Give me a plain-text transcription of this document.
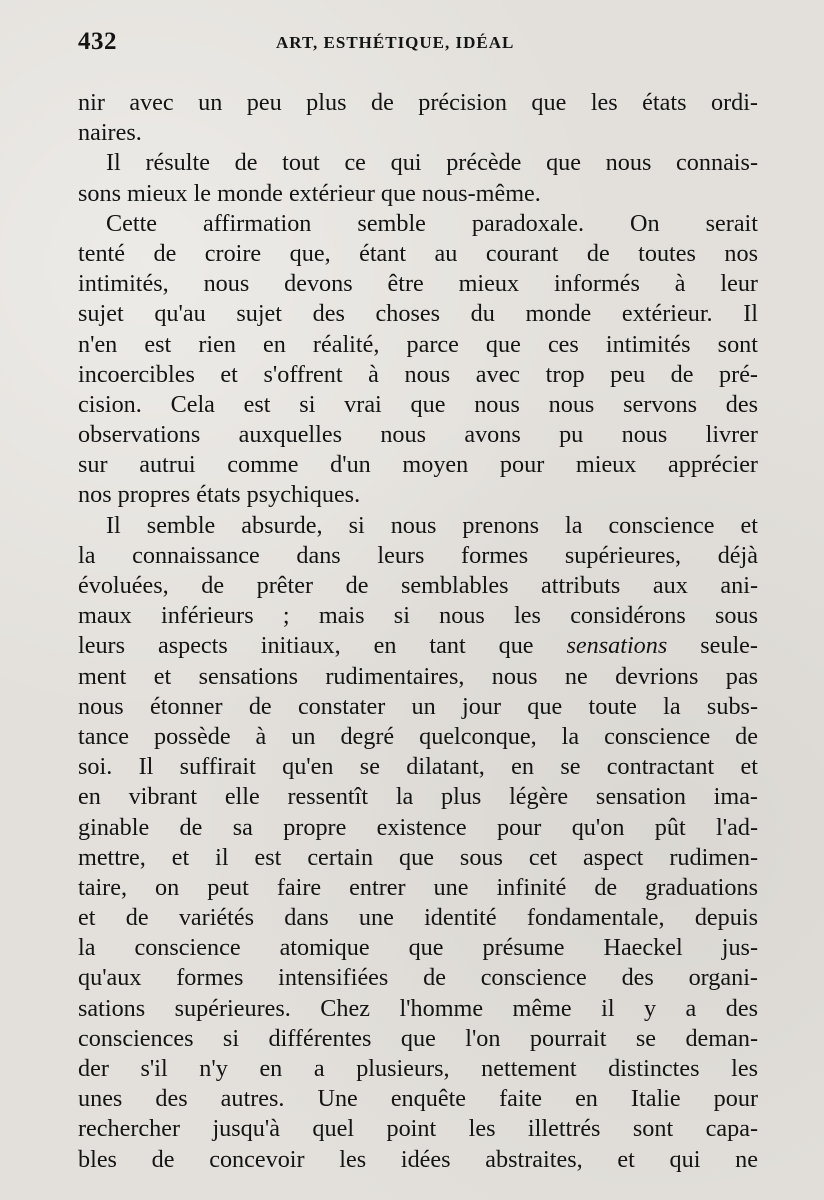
432	ART, ESTHÉTIQUE, IDÉAL
nir avec un peu plus de précision que les états ordi-
naires.
Il résulte de tout ce qui précède que nous connais-
sons mieux le monde extérieur que nous-même.
Cette affirmation semble paradoxale. On serait
tenté de croire que, étant au courant de toutes nos
intimités, nous devons être mieux informés à leur
sujet qu'au sujet des choses du monde extérieur. Il
n'en est rien en réalité, parce que ces intimités sont
incoercibles et s'offrent à nous avec trop peu de pré-
cision. Cela est si vrai que nous nous servons des
observations auxquelles nous avons pu nous livrer
sur autrui comme d'un moyen pour mieux apprécier
nos propres états psychiques.
Il semble absurde, si nous prenons la conscience et
la connaissance dans leurs formes supérieures, déjà
évoluées, de prêter de semblables attributs aux ani-
maux inférieurs ; mais si nous les considérons sous
leurs aspects initiaux, en tant que sensations seule-
ment et sensations rudimentaires, nous ne devrions pas
nous étonner de constater un jour que toute la subs-
tance possède à un degré quelconque, la conscience de
soi. Il suffirait qu'en se dilatant, en se contractant et
en vibrant elle ressentît la plus légère sensation ima-
ginable de sa propre existence pour qu'on pût l'ad-
mettre, et il est certain que sous cet aspect rudimen-
taire, on peut faire entrer une infinité de graduations
et de variétés dans une identité fondamentale, depuis
la conscience atomique que présume Haeckel jus-
qu'aux formes intensifiées de conscience des organi-
sations supérieures. Chez l'homme même il y a des
consciences si différentes que l'on pourrait se deman-
der s'il n'y en a plusieurs, nettement distinctes les
unes des autres. Une enquête faite en Italie pour
rechercher jusqu'à quel point les illettrés sont capa-
bles de concevoir les idées abstraites, et qui ne
